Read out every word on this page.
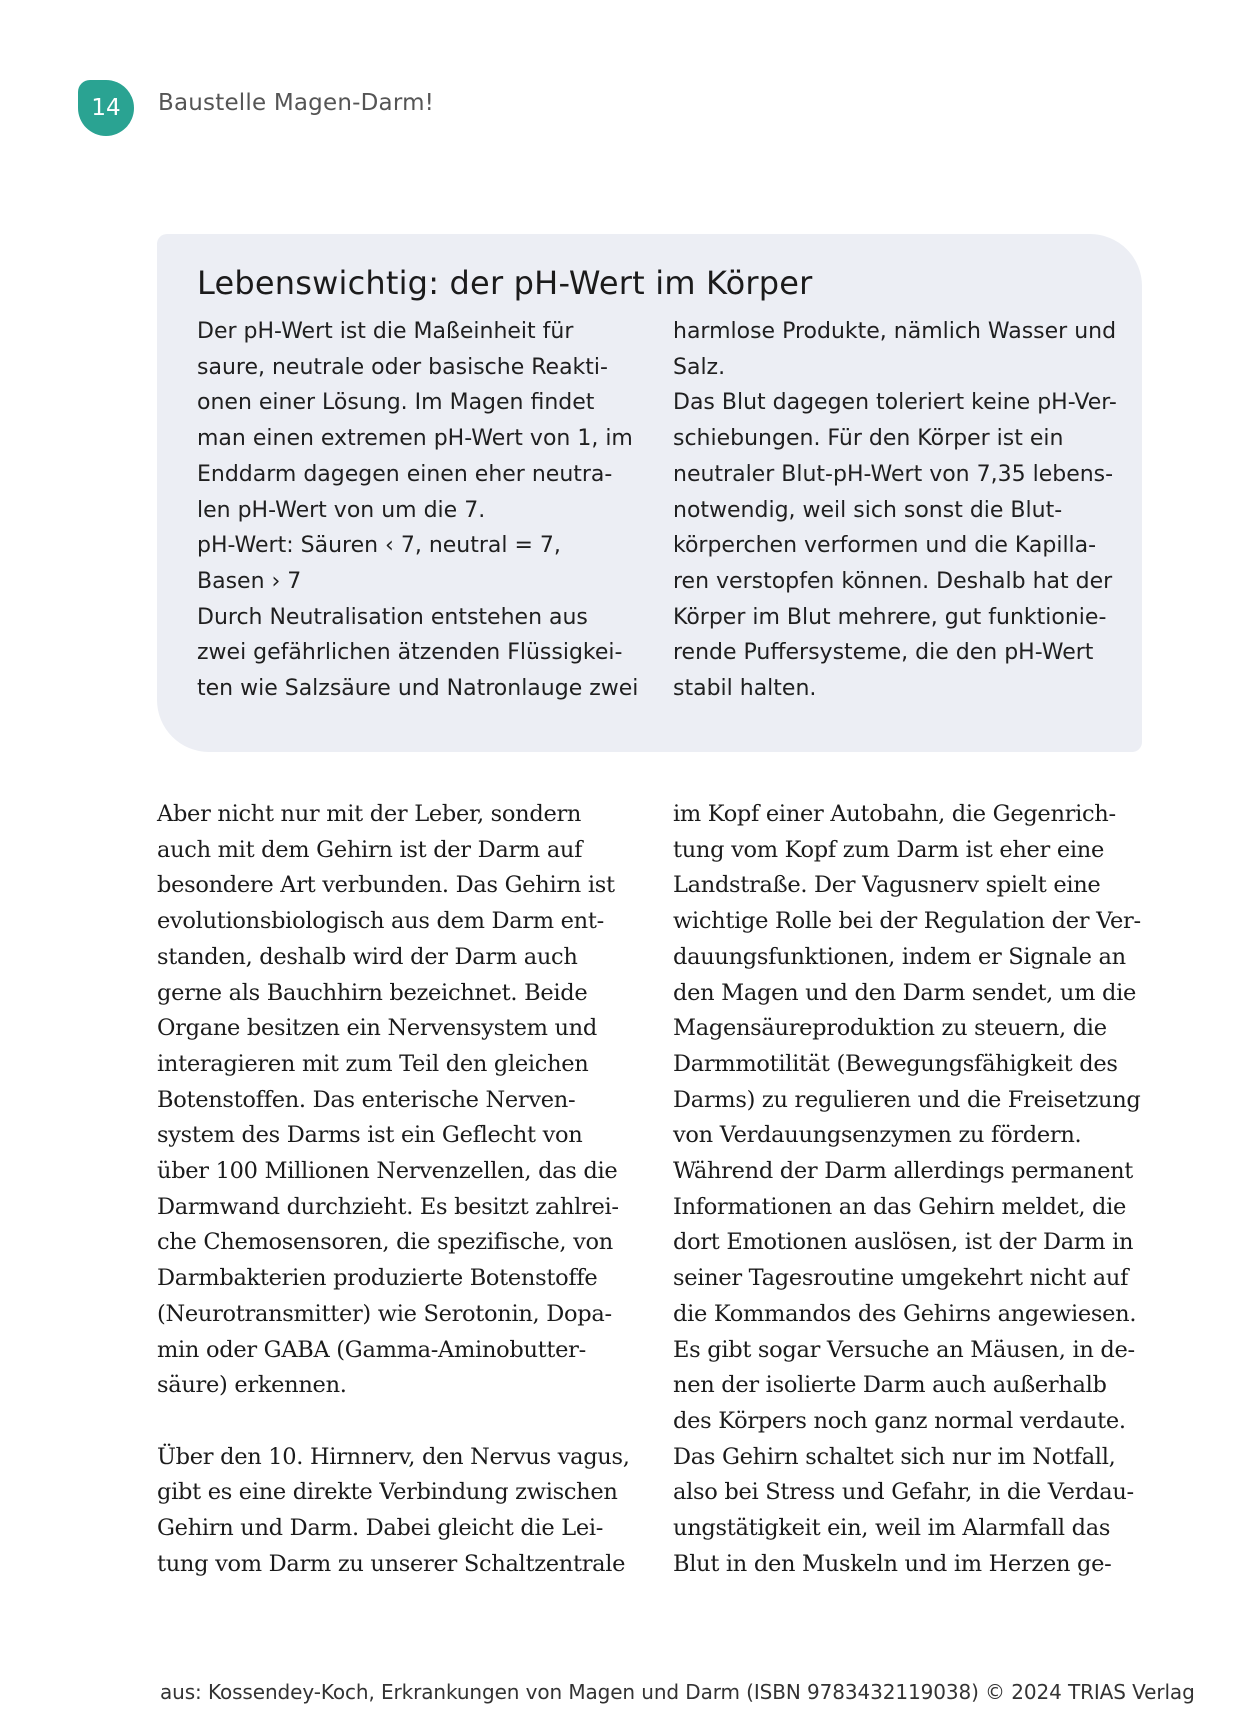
14 Baustelle Magen-Darm!
Lebenswichtig: der pH-Wert im Körper
Der pH-Wert ist die Maßeinheit für
saure, neutrale oder basische Reakti-
onen einer Lösung. Im Magen findet
man einen extremen pH-Wert von 1, im
Enddarm dagegen einen eher neutra-
len pH-Wert von um die 7.
pH-Wert: Säuren ‹ 7, neutral = 7,
Basen › 7
Durch Neutralisation entstehen aus
zwei gefährlichen ätzenden Flüssigkei-
ten wie Salzsäure und Natronlauge zwei
harmlose Produkte, nämlich Wasser und
Salz.
Das Blut dagegen toleriert keine pH-Ver-
schiebungen. Für den Körper ist ein
neutraler Blut-pH-Wert von 7,35 lebens-
notwendig, weil sich sonst die Blut-
körperchen verformen und die Kapilla-
ren verstopfen können. Deshalb hat der
Körper im Blut mehrere, gut funktionie-
rende Puffersysteme, die den pH-Wert
stabil halten.
Aber nicht nur mit der Leber, sondern
auch mit dem Gehirn ist der Darm auf
besondere Art verbunden. Das Gehirn ist
evolutionsbiologisch aus dem Darm ent-
standen, deshalb wird der Darm auch
gerne als Bauchhirn bezeichnet. Beide
Organe besitzen ein Nervensystem und
interagieren mit zum Teil den gleichen
Botenstoffen. Das enterische Nerven-
system des Darms ist ein Geflecht von
über 100 Millionen Nervenzellen, das die
Darmwand durchzieht. Es besitzt zahlrei-
che Chemosensoren, die spezifische, von
Darmbakterien produzierte Botenstoffe
(Neurotransmitter) wie Serotonin, Dopa-
min oder GABA (Gamma-Aminobutter-
säure) erkennen.
Über den 10. Hirnnerv, den Nervus vagus,
gibt es eine direkte Verbindung zwischen
Gehirn und Darm. Dabei gleicht die Lei-
tung vom Darm zu unserer Schaltzentrale
im Kopf einer Autobahn, die Gegenrich-
tung vom Kopf zum Darm ist eher eine
Landstraße. Der Vagusnerv spielt eine
wichtige Rolle bei der Regulation der Ver-
dauungsfunktionen, indem er Signale an
den Magen und den Darm sendet, um die
Magensäureproduktion zu steuern, die
Darmmotilität (Bewegungsfähigkeit des
Darms) zu regulieren und die Freisetzung
von Verdauungsenzymen zu fördern.
Während der Darm allerdings permanent
Informationen an das Gehirn meldet, die
dort Emotionen auslösen, ist der Darm in
seiner Tagesroutine umgekehrt nicht auf
die Kommandos des Gehirns angewiesen.
Es gibt sogar Versuche an Mäusen, in de-
nen der isolierte Darm auch außerhalb
des Körpers noch ganz normal verdaute.
Das Gehirn schaltet sich nur im Notfall,
also bei Stress und Gefahr, in die Verdau-
ungstätigkeit ein, weil im Alarmfall das
Blut in den Muskeln und im Herzen ge-
aus: Kossendey-Koch, Erkrankungen von Magen und Darm (ISBN 9783432119038) © 2024 TRIAS Verlag
